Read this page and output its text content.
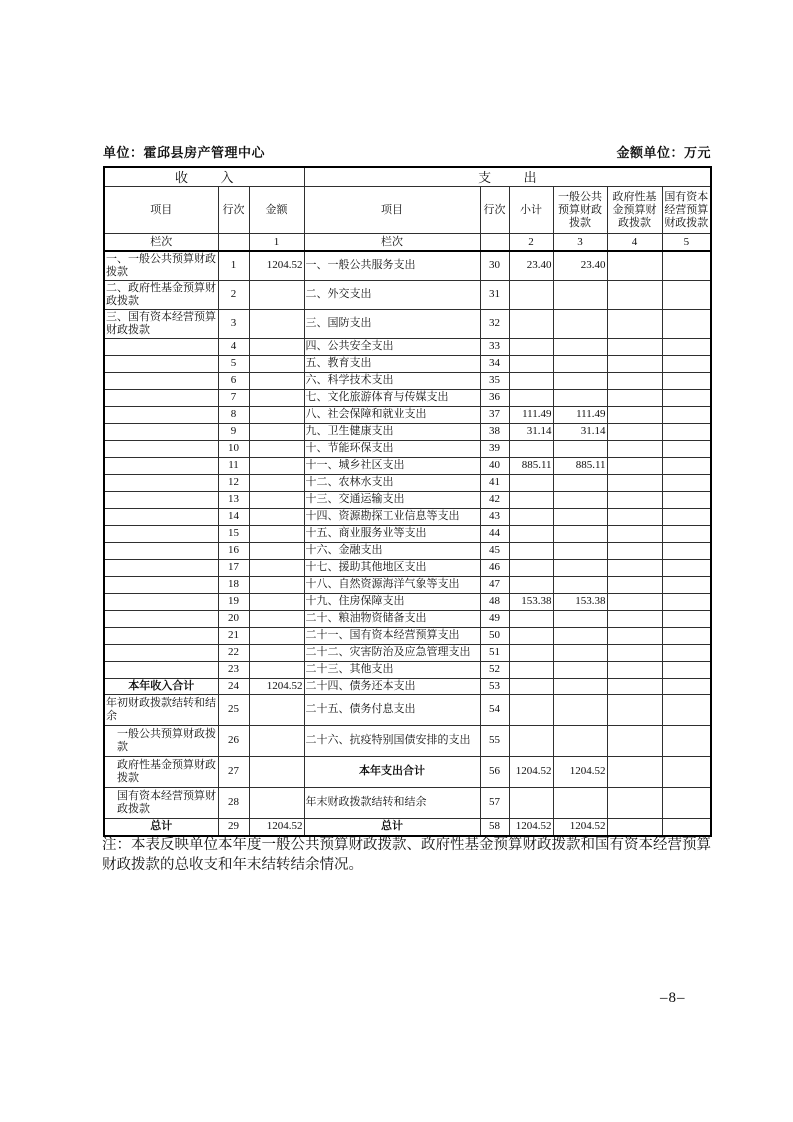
单位：霍邱县房产管理中心	金额单位：万元
收入			支出					
项目	行次	金额	项目	行次	小计	一般公共预算财政拨款	政府性基金预算财政拨款	国有资本经营预算财政拨款
栏次		1	栏次		2	3	4	5
一、一般公共预算财政拨款	1	1204.52	一、一般公共服务支出	30	23.40	23.40		
二、政府性基金预算财政拨款	2		二、外交支出	31				
三、国有资本经营预算财政拨款	3		三、国防支出	32				
	4		四、公共安全支出	33				
	5		五、教育支出	34				
	6		六、科学技术支出	35				
	7		七、文化旅游体育与传媒支出	36				
	8		八、社会保障和就业支出	37	111.49	111.49		
	9		九、卫生健康支出	38	31.14	31.14		
	10		十、节能环保支出	39				
	11		十一、城乡社区支出	40	885.11	885.11		
	12		十二、农林水支出	41				
	13		十三、交通运输支出	42				
	14		十四、资源勘探工业信息等支出	43				
	15		十五、商业服务业等支出	44				
	16		十六、金融支出	45				
	17		十七、援助其他地区支出	46				
	18		十八、自然资源海洋气象等支出	47				
	19		十九、住房保障支出	48	153.38	153.38		
	20		二十、粮油物资储备支出	49				
	21		二十一、国有资本经营预算支出	50				
	22		二十二、灾害防治及应急管理支出	51				
	23		二十三、其他支出	52				
本年收入合计	24	1204.52	二十四、债务还本支出	53				
年初财政拨款结转和结余	25		二十五、债务付息支出	54				
一般公共预算财政拨款	26		二十六、抗疫特别国债安排的支出	55				
政府性基金预算财政拨款	27		本年支出合计	56	1204.52	1204.52		
国有资本经营预算财政拨款	28		年末财政拨款结转和结余	57				
总计	29	1204.52	总计	58	1204.52	1204.52		
注：本表反映单位本年度一般公共预算财政拨款、政府性基金预算财政拨款和国有资本经营预算财政拨款的总收支和年末结转结余情况。
–8–
